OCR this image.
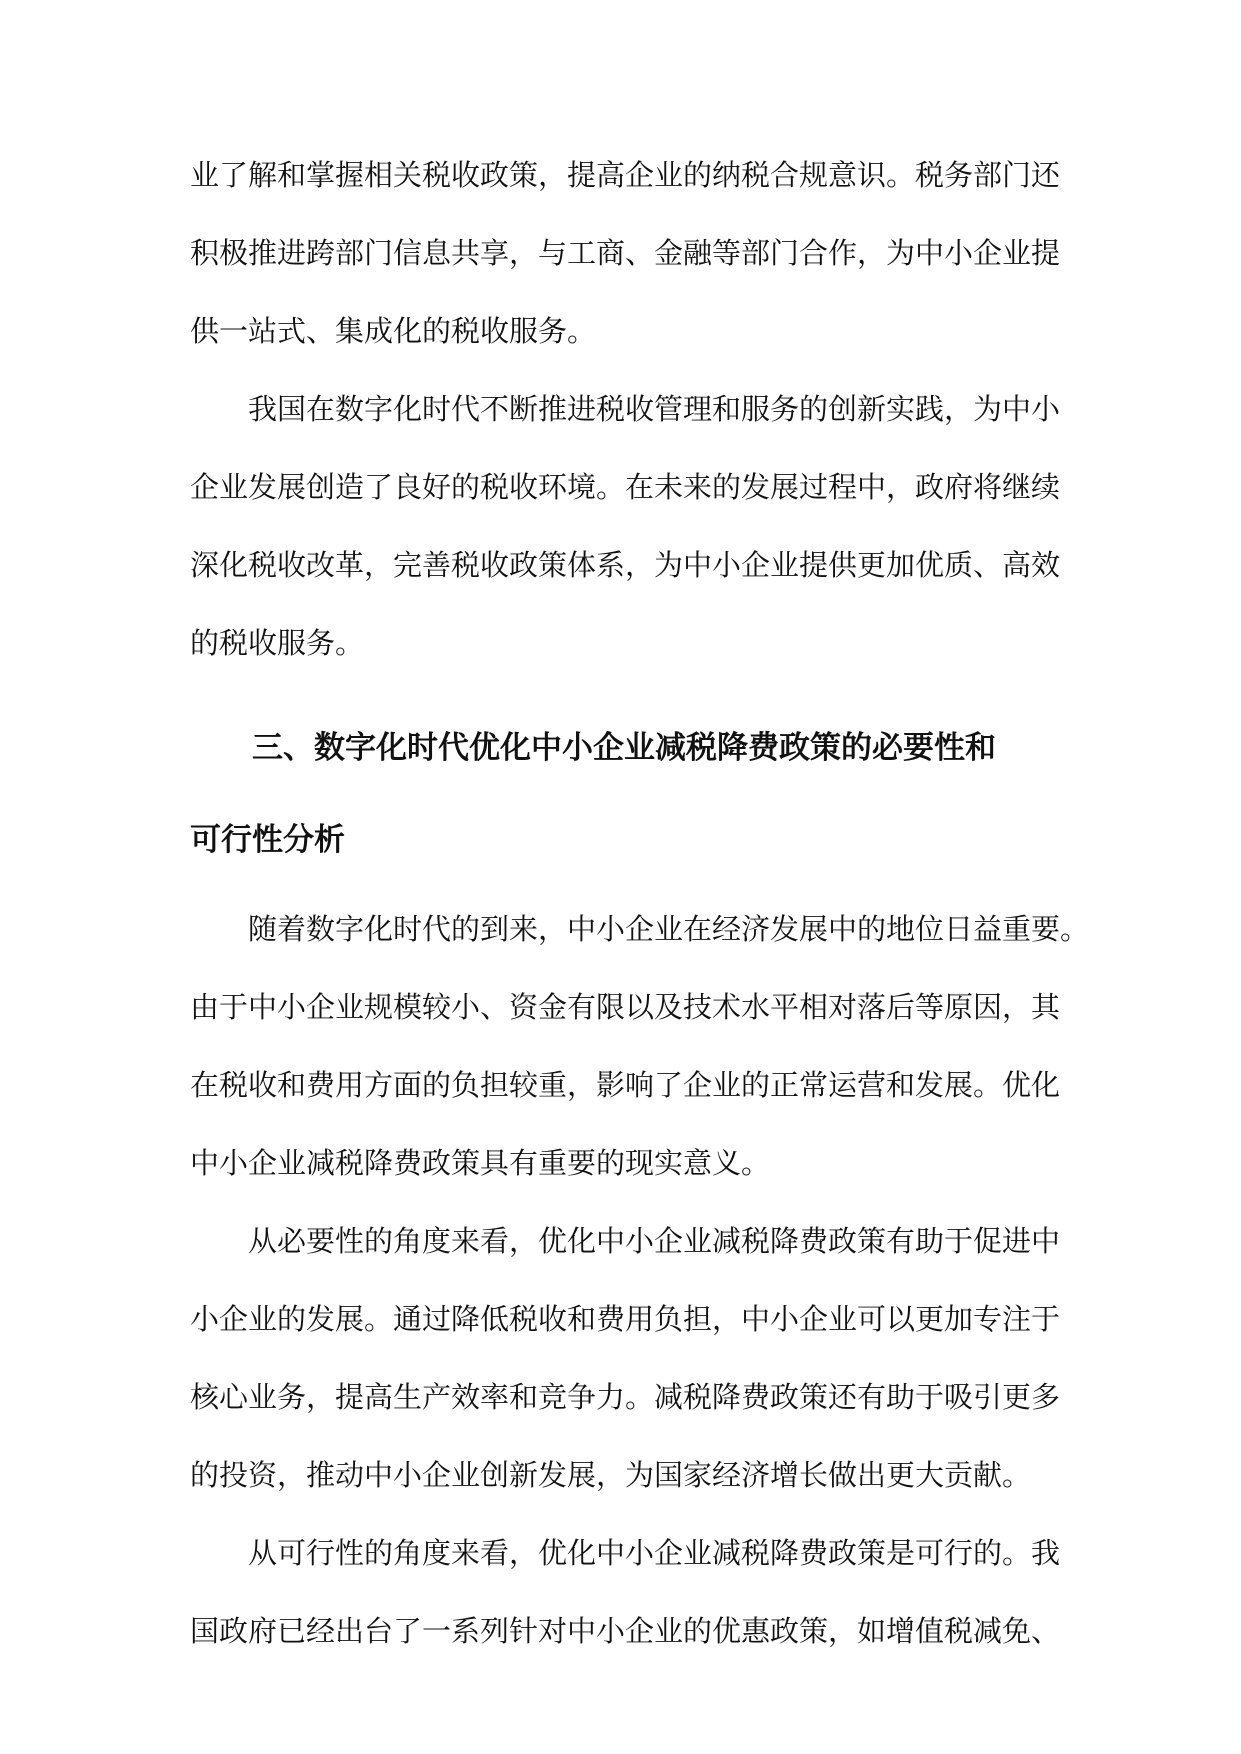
业了解和掌握相关税收政策，提高企业的纳税合规意识。税务部门还
积极推进跨部门信息共享，与工商、金融等部门合作，为中小企业提
供一站式、集成化的税收服务。
我国在数字化时代不断推进税收管理和服务的创新实践，为中小
企业发展创造了良好的税收环境。在未来的发展过程中，政府将继续
深化税收改革，完善税收政策体系，为中小企业提供更加优质、高效
的税收服务。
三、数字化时代优化中小企业减税降费政策的必要性和
可行性分析
随着数字化时代的到来，中小企业在经济发展中的地位日益重要。
由于中小企业规模较小、资金有限以及技术水平相对落后等原因，其
在税收和费用方面的负担较重，影响了企业的正常运营和发展。优化
中小企业减税降费政策具有重要的现实意义。
从必要性的角度来看，优化中小企业减税降费政策有助于促进中
小企业的发展。通过降低税收和费用负担，中小企业可以更加专注于
核心业务，提高生产效率和竞争力。减税降费政策还有助于吸引更多
的投资，推动中小企业创新发展，为国家经济增长做出更大贡献。
从可行性的角度来看，优化中小企业减税降费政策是可行的。我
国政府已经出台了一系列针对中小企业的优惠政策，如增值税减免、
